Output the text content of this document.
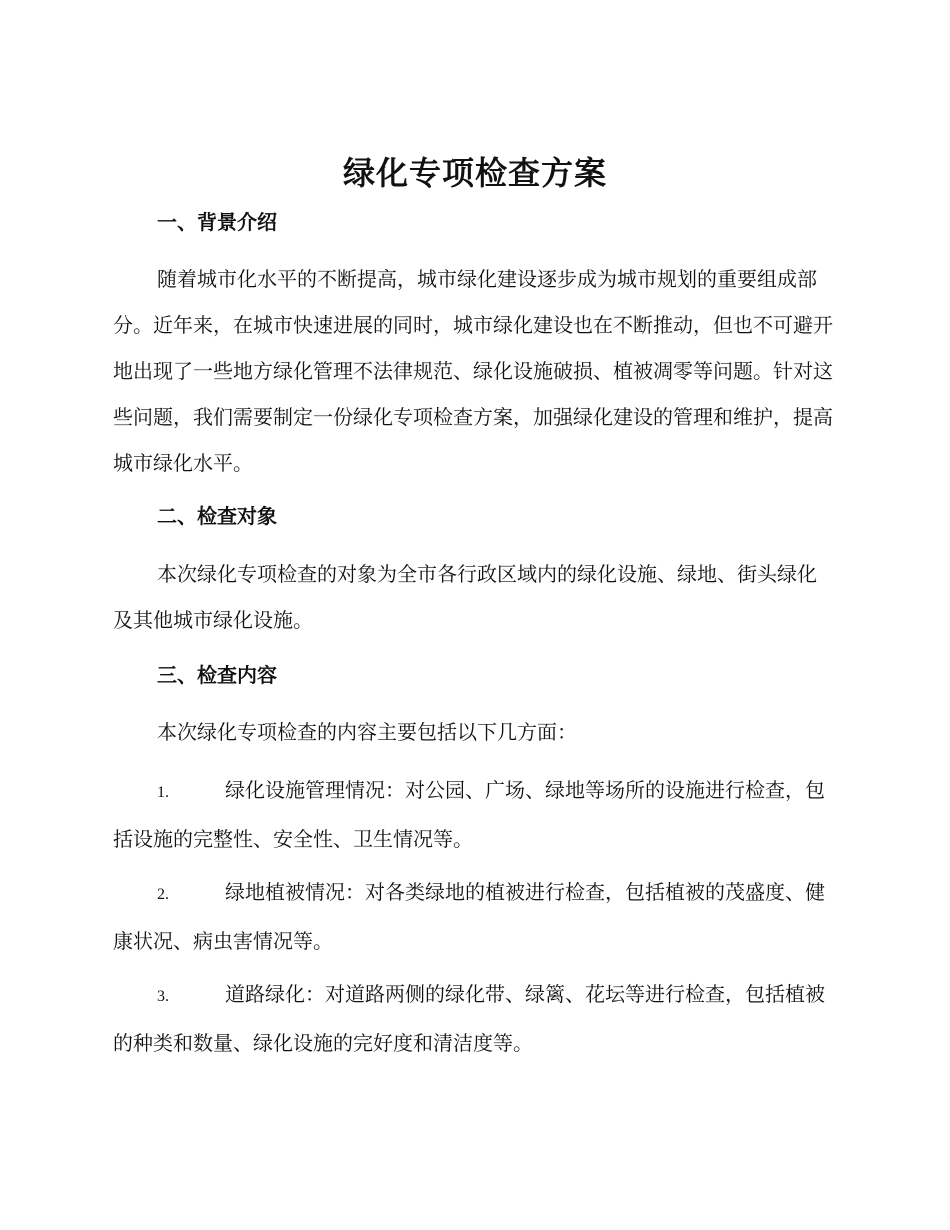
绿化专项检查方案
一、背景介绍

随着城市化水平的不断提高，城市绿化建设逐步成为城市规划的重要组成部分。近年来，在城市快速进展的同时，城市绿化建设也在不断推动，但也不可避开地出现了一些地方绿化管理不法律规范、绿化设施破损、植被凋零等问题。针对这些问题，我们需要制定一份绿化专项检查方案，加强绿化建设的管理和维护，提高城市绿化水平。

二、检查对象

本次绿化专项检查的对象为全市各行政区域内的绿化设施、绿地、街头绿化及其他城市绿化设施。

三、检查内容

本次绿化专项检查的内容主要包括以下几方面：

1.	绿化设施管理情况：对公园、广场、绿地等场所的设施进行检查，包括设施的完整性、安全性、卫生情况等。

2.	绿地植被情况：对各类绿地的植被进行检查，包括植被的茂盛度、健康状况、病虫害情况等。

3.	道路绿化：对道路两侧的绿化带、绿篱、花坛等进行检查，包括植被的种类和数量、绿化设施的完好度和清洁度等。
